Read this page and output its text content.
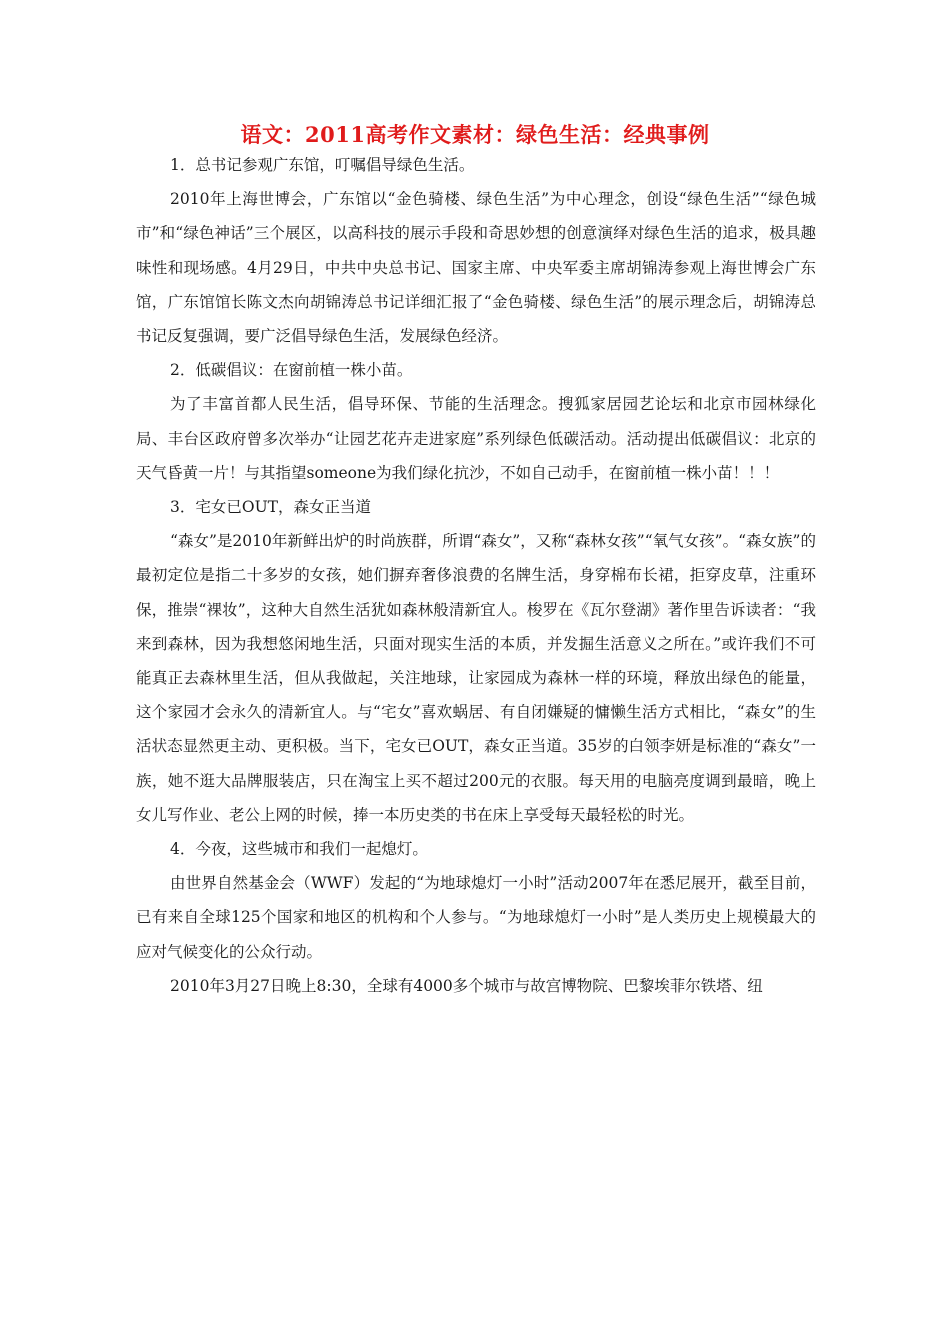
语文：2011高考作文素材：绿色生活：经典事例

1．总书记参观广东馆，叮嘱倡导绿色生活。

2010年上海世博会，广东馆以“金色骑楼、绿色生活”为中心理念，创设“绿色生活”“绿色城市”和“绿色神话”三个展区，以高科技的展示手段和奇思妙想的创意演绎对绿色生活的追求，极具趣味性和现场感。4月29日，中共中央总书记、国家主席、中央军委主席胡锦涛参观上海世博会广东馆，广东馆馆长陈文杰向胡锦涛总书记详细汇报了“金色骑楼、绿色生活”的展示理念后，胡锦涛总书记反复强调，要广泛倡导绿色生活，发展绿色经济。

2．低碳倡议：在窗前植一株小苗。

为了丰富首都人民生活，倡导环保、节能的生活理念。搜狐家居园艺论坛和北京市园林绿化局、丰台区政府曾多次举办“让园艺花卉走进家庭”系列绿色低碳活动。活动提出低碳倡议：北京的天气昏黄一片！与其指望someone为我们绿化抗沙，不如自己动手，在窗前植一株小苗！！！

3．宅女已OUT，森女正当道

“森女”是2010年新鲜出炉的时尚族群，所谓“森女”，又称“森林女孩”“氧气女孩”。“森女族”的最初定位是指二十多岁的女孩，她们摒弃奢侈浪费的名牌生活，身穿棉布长裙，拒穿皮草，注重环保，推崇“裸妆”，这种大自然生活犹如森林般清新宜人。梭罗在《瓦尔登湖》著作里告诉读者：“我来到森林，因为我想悠闲地生活，只面对现实生活的本质，并发掘生活意义之所在。”或许我们不可能真正去森林里生活，但从我做起，关注地球，让家园成为森林一样的环境，释放出绿色的能量，这个家园才会永久的清新宜人。与“宅女”喜欢蜗居、有自闭嫌疑的慵懒生活方式相比，“森女”的生活状态显然更主动、更积极。当下，宅女已OUT，森女正当道。35岁的白领李妍是标准的“森女”一族，她不逛大品牌服装店，只在淘宝上买不超过200元的衣服。每天用的电脑亮度调到最暗，晚上女儿写作业、老公上网的时候，捧一本历史类的书在床上享受每天最轻松的时光。

4．今夜，这些城市和我们一起熄灯。

由世界自然基金会（WWF）发起的“为地球熄灯一小时”活动2007年在悉尼展开，截至目前，已有来自全球125个国家和地区的机构和个人参与。“为地球熄灯一小时”是人类历史上规模最大的应对气候变化的公众行动。

2010年3月27日晚上8:30，全球有4000多个城市与故宫博物院、巴黎埃菲尔铁塔、纽
